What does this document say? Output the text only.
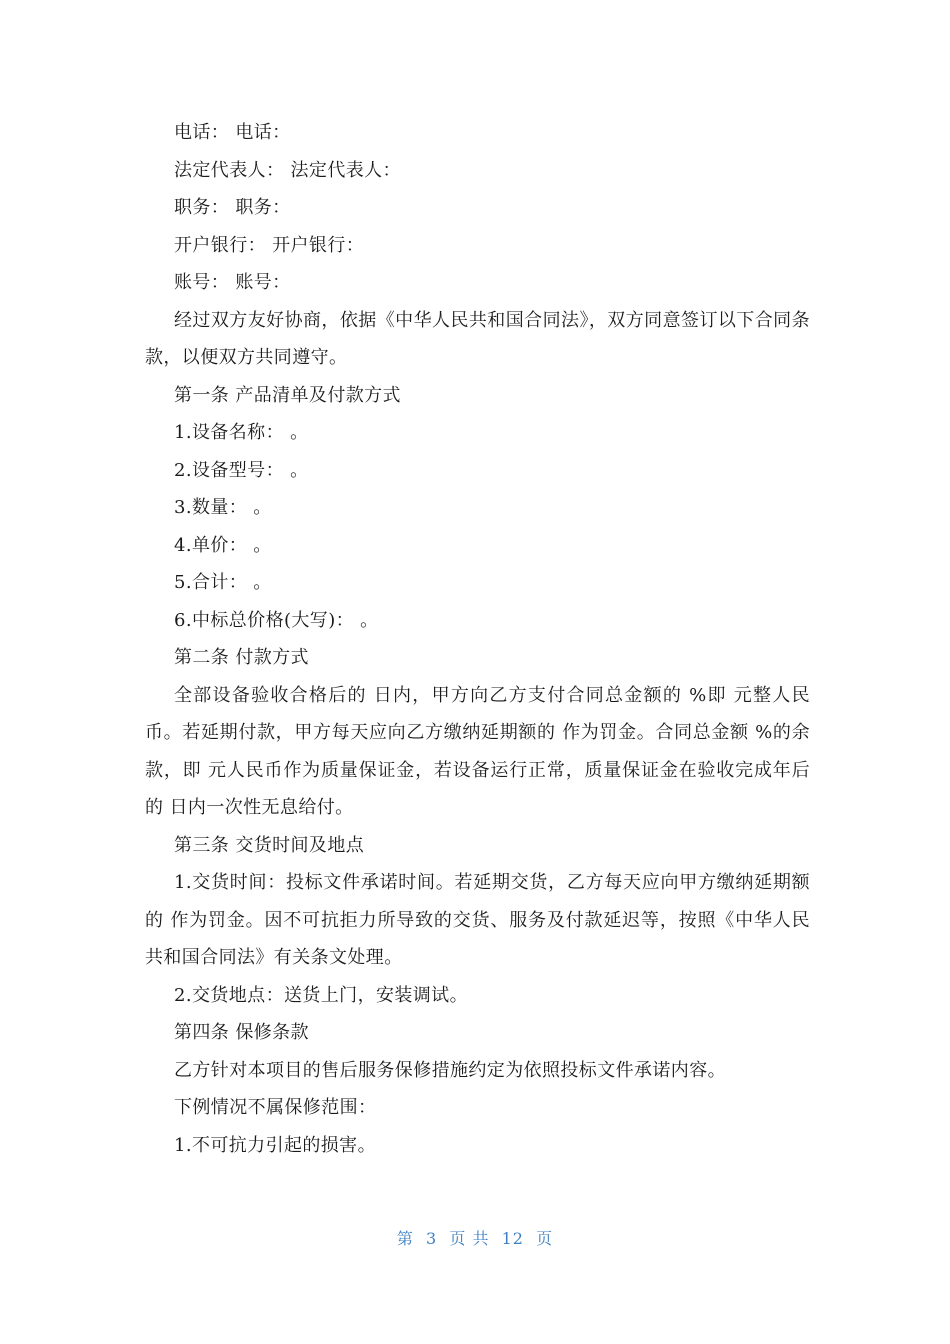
电话： 电话：
法定代表人： 法定代表人：
职务： 职务：
开户银行： 开户银行：
账号： 账号：
经过双方友好协商，依据《中华人民共和国合同法》，双方同意签订以下合同条款，以便双方共同遵守。
第一条 产品清单及付款方式
1.设备名称： 。
2.设备型号： 。
3.数量： 。
4.单价： 。
5.合计： 。
6.中标总价格(大写)： 。
第二条 付款方式
全部设备验收合格后的 日内，甲方向乙方支付合同总金额的 %即 元整人民币。若延期付款，甲方每天应向乙方缴纳延期额的 作为罚金。合同总金额 %的余款，即 元人民币作为质量保证金，若设备运行正常，质量保证金在验收完成年后的 日内一次性无息给付。
第三条 交货时间及地点
1.交货时间：投标文件承诺时间。若延期交货，乙方每天应向甲方缴纳延期额的 作为罚金。因不可抗拒力所导致的交货、服务及付款延迟等，按照《中华人民共和国合同法》有关条文处理。
2.交货地点：送货上门，安装调试。
第四条 保修条款
乙方针对本项目的售后服务保修措施约定为依照投标文件承诺内容。
下例情况不属保修范围：
1.不可抗力引起的损害。
第  3  页 共  12  页
